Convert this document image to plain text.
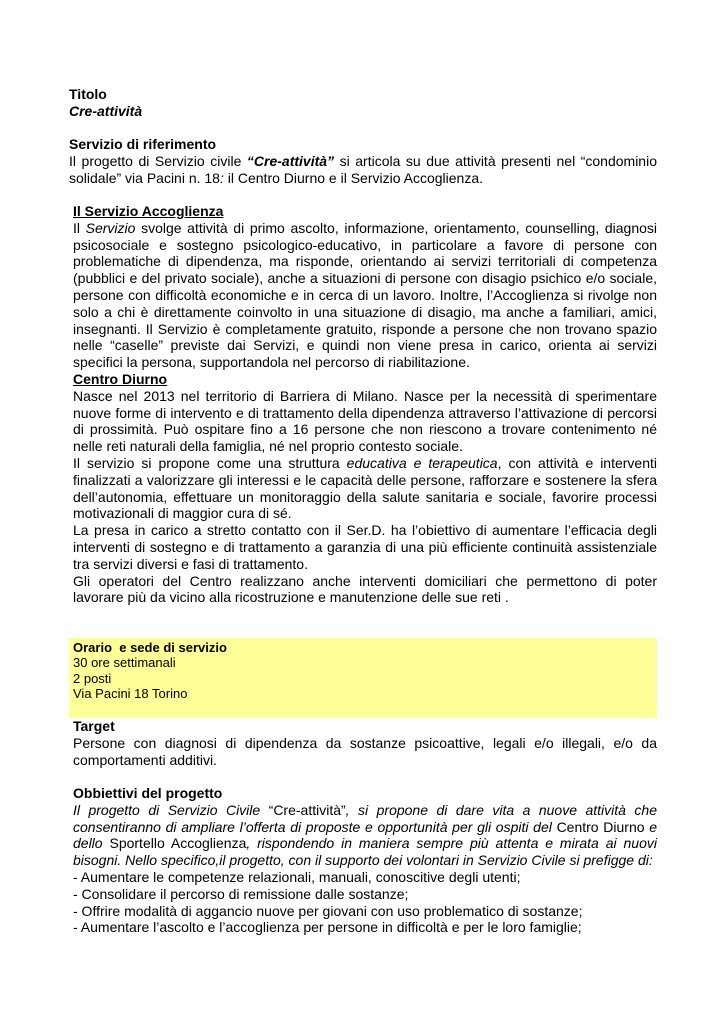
Titolo

Cre-attività

Servizio di riferimento

Il progetto di Servizio civile “Cre-attività” si articola su due attività presenti nel “condominio solidale” via Pacini n. 18: il Centro Diurno e il Servizio Accoglienza.

Il Servizio Accoglienza

Il Servizio svolge attività di primo ascolto, informazione, orientamento, counselling, diagnosi psicosociale e sostegno psicologico-educativo, in particolare a favore di persone con problematiche di dipendenza, ma risponde, orientando ai servizi territoriali di competenza (pubblici e del privato sociale), anche a situazioni di persone con disagio psichico e/o sociale, persone con difficoltà economiche e in cerca di un lavoro. Inoltre, l’Accoglienza si rivolge non solo a chi è direttamente coinvolto in una situazione di disagio, ma anche a familiari, amici, insegnanti. Il Servizio è completamente gratuito, risponde a persone che non trovano spazio nelle “caselle” previste dai Servizi, e quindi non viene presa in carico, orienta ai servizi specifici la persona, supportandola nel percorso di riabilitazione.

Centro Diurno

Nasce nel 2013 nel territorio di Barriera di Milano. Nasce per la necessità di sperimentare nuove forme di intervento e di trattamento della dipendenza attraverso l’attivazione di percorsi di prossimità. Può ospitare fino a 16 persone che non riescono a trovare contenimento né nelle reti naturali della famiglia, né nel proprio contesto sociale.

Il servizio si propone come una struttura educativa e terapeutica, con attività e interventi finalizzati a valorizzare gli interessi e le capacità delle persone, rafforzare e sostenere la sfera dell’autonomia, effettuare un monitoraggio della salute sanitaria e sociale, favorire processi motivazionali di maggior cura di sé.

La presa in carico a stretto contatto con il Ser.D. ha l’obiettivo di aumentare l’efficacia degli interventi di sostegno e di trattamento a garanzia di una più efficiente continuità assistenziale tra servizi diversi e fasi di trattamento.

Gli operatori del Centro realizzano anche interventi domiciliari che permettono di poter lavorare più da vicino alla ricostruzione e manutenzione delle sue reti .

Orario  e sede di servizio
30 ore settimanali
2 posti
Via Pacini 18 Torino

Target

Persone con diagnosi di dipendenza da sostanze psicoattive, legali e/o illegali, e/o da comportamenti additivi.

Obbiettivi del progetto

Il progetto di Servizio Civile “Cre-attività”, si propone di dare vita a nuove attività che consentiranno di ampliare l’offerta di proposte e opportunità per gli ospiti del Centro Diurno e dello Sportello Accoglienza, rispondendo in maniera sempre più attenta e mirata ai nuovi bisogni. Nello specifico,il progetto, con il supporto dei volontari in Servizio Civile si prefigge di:

- Aumentare le competenze relazionali, manuali, conoscitive degli utenti;

- Consolidare il percorso di remissione dalle sostanze;

- Offrire modalità di aggancio nuove per giovani con uso problematico di sostanze;

- Aumentare l’ascolto e l’accoglienza per persone in difficoltà e per le loro famiglie;
